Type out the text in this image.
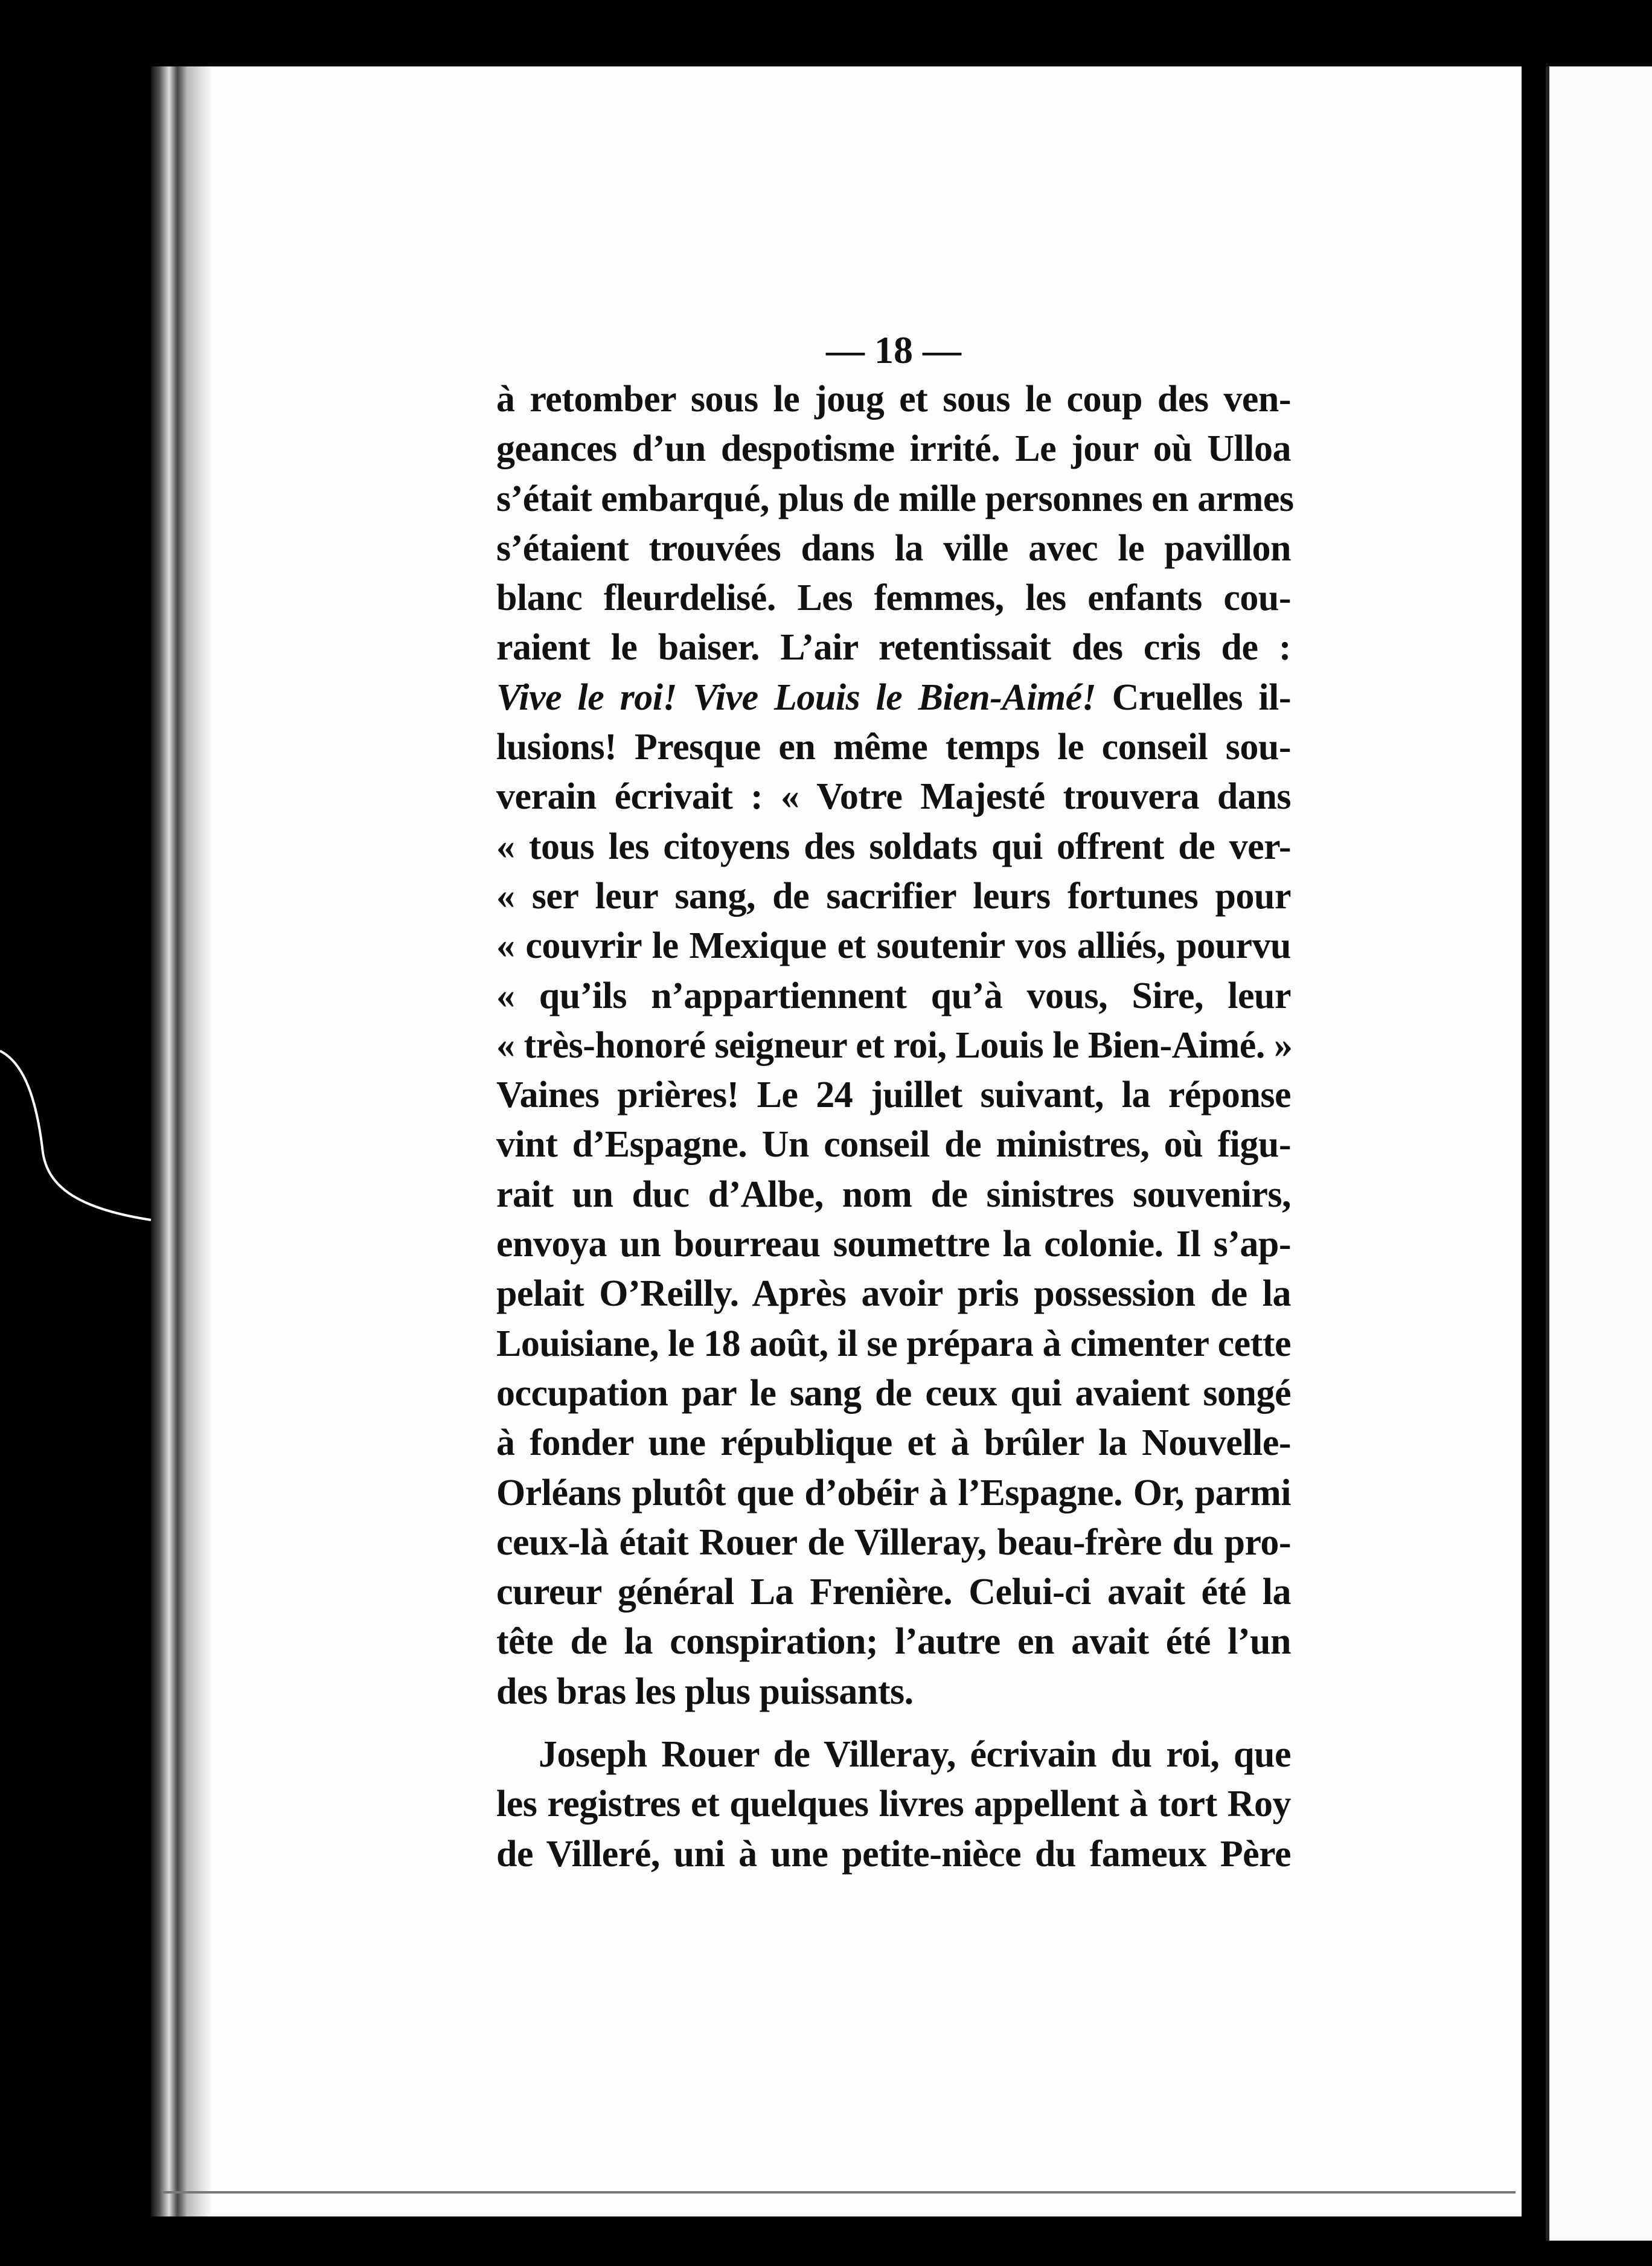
— 18 —
à retomber sous le joug et sous le coup des ven-
geances d’un despotisme irrité. Le jour où Ulloa
s’était embarqué, plus de mille personnes en armes
s’étaient trouvées dans la ville avec le pavillon
blanc fleurdelisé. Les femmes, les enfants cou-
raient le baiser. L’air retentissait des cris de :
Vive le roi! Vive Louis le Bien-Aimé! Cruelles il-
lusions! Presque en même temps le conseil sou-
verain écrivait : « Votre Majesté trouvera dans
« tous les citoyens des soldats qui offrent de ver-
« ser leur sang, de sacrifier leurs fortunes pour
« couvrir le Mexique et soutenir vos alliés, pourvu
« qu’ils n’appartiennent qu’à vous, Sire, leur
« très-honoré seigneur et roi, Louis le Bien-Aimé. »
Vaines prières! Le 24 juillet suivant, la réponse
vint d’Espagne. Un conseil de ministres, où figu-
rait un duc d’Albe, nom de sinistres souvenirs,
envoya un bourreau soumettre la colonie. Il s’ap-
pelait O’Reilly. Après avoir pris possession de la
Louisiane, le 18 août, il se prépara à cimenter cette
occupation par le sang de ceux qui avaient songé
à fonder une république et à brûler la Nouvelle-
Orléans plutôt que d’obéir à l’Espagne. Or, parmi
ceux-là était Rouer de Villeray, beau-frère du pro-
cureur général La Frenière. Celui-ci avait été la
tête de la conspiration; l’autre en avait été l’un
des bras les plus puissants.
Joseph Rouer de Villeray, écrivain du roi, que
les registres et quelques livres appellent à tort Roy
de Villeré, uni à une petite-nièce du fameux Père
